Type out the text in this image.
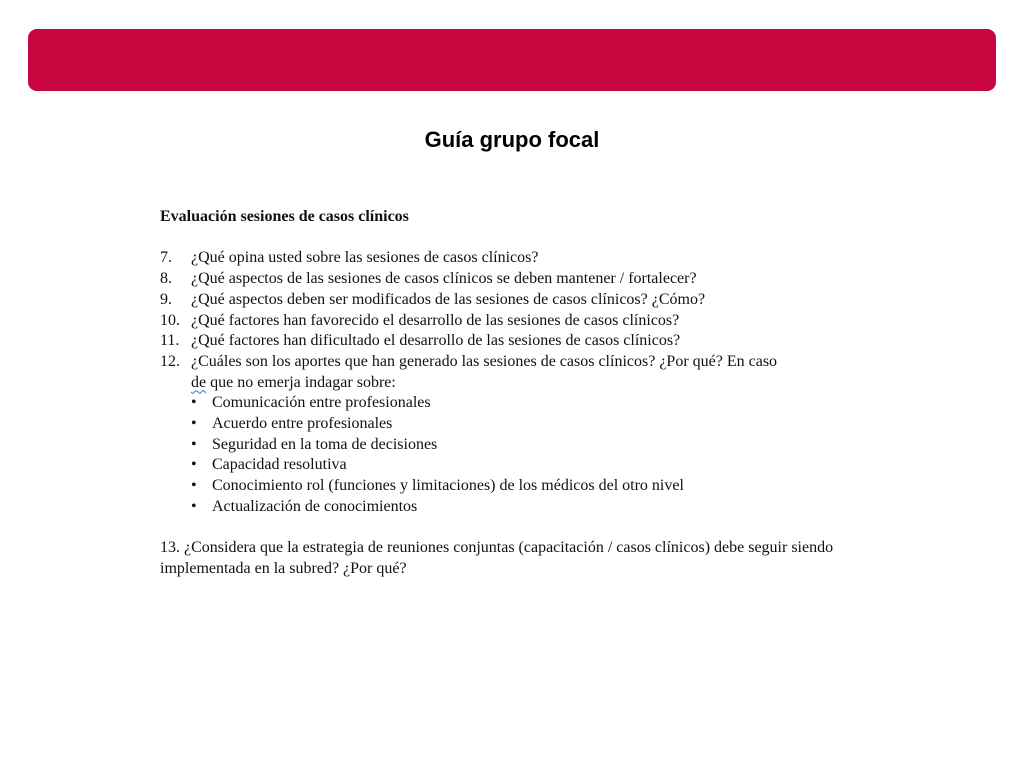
Guía grupo focal
Evaluación sesiones de casos clínicos
7.	¿Qué opina usted sobre las sesiones de casos clínicos?
8.	¿Qué aspectos de las sesiones de casos clínicos se deben mantener / fortalecer?
9.	¿Qué aspectos deben ser modificados de las sesiones de casos clínicos? ¿Cómo?
10. ¿Qué factores han favorecido el desarrollo de las sesiones de casos clínicos?
11. ¿Qué factores han dificultado el desarrollo de las sesiones de casos clínicos?
12. ¿Cuáles son los aportes que han generado las sesiones de casos clínicos? ¿Por qué? En caso
de que no emerja indagar sobre:
• Comunicación entre profesionales
• Acuerdo entre profesionales
• Seguridad en la toma de decisiones
• Capacidad resolutiva
• Conocimiento rol (funciones y limitaciones) de los médicos del otro nivel
• Actualización de conocimientos

13. ¿Considera que la estrategia de reuniones conjuntas (capacitación / casos clínicos) debe seguir siendo implementada en la subred? ¿Por qué?
